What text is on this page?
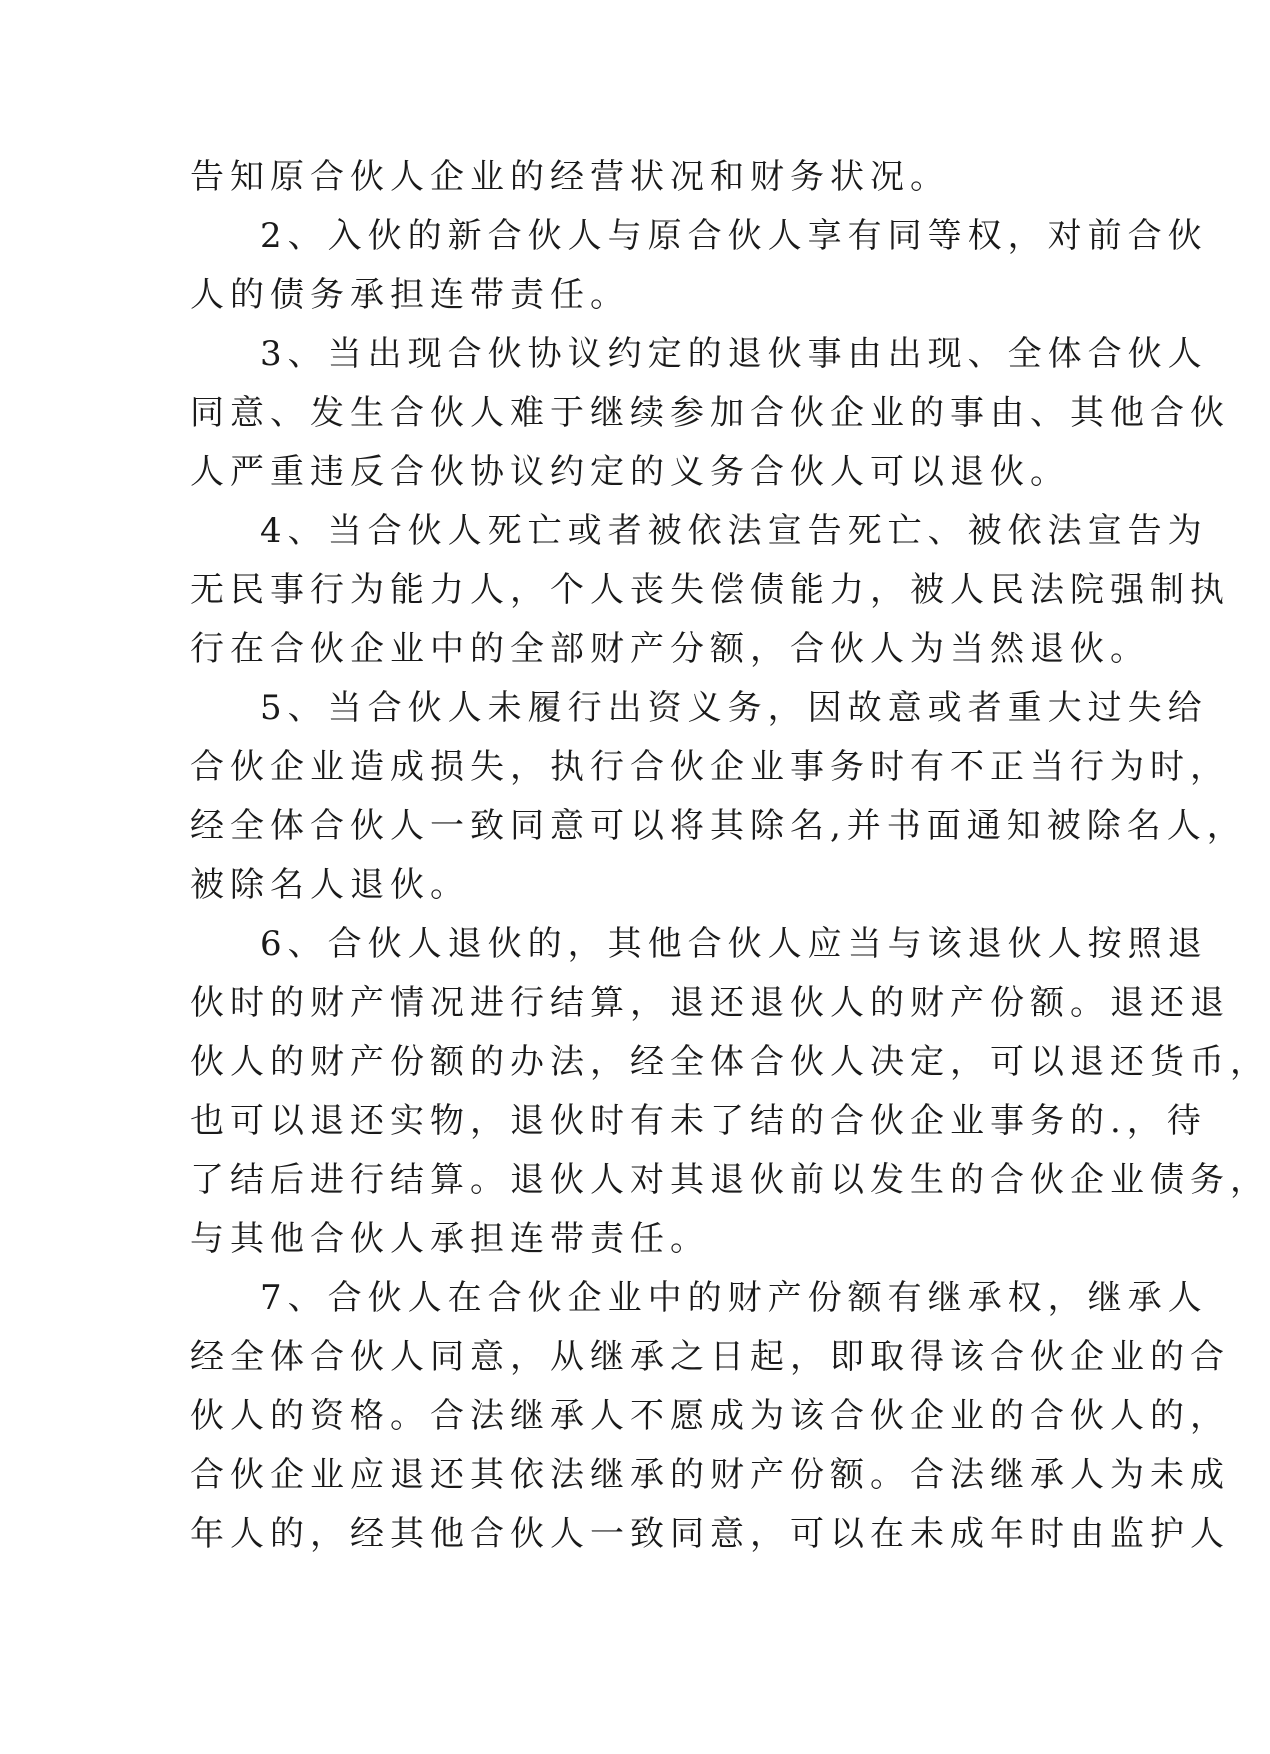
告知原合伙人企业的经营状况和财务状况。
2、入伙的新合伙人与原合伙人享有同等权，对前合伙
人的债务承担连带责任。
3、当出现合伙协议约定的退伙事由出现、全体合伙人
同意、发生合伙人难于继续参加合伙企业的事由、其他合伙
人严重违反合伙协议约定的义务合伙人可以退伙。
4、当合伙人死亡或者被依法宣告死亡、被依法宣告为
无民事行为能力人，个人丧失偿债能力，被人民法院强制执
行在合伙企业中的全部财产分额，合伙人为当然退伙。
5、当合伙人未履行出资义务，因故意或者重大过失给
合伙企业造成损失，执行合伙企业事务时有不正当行为时，
经全体合伙人一致同意可以将其除名,并书面通知被除名人，
被除名人退伙。
6、合伙人退伙的，其他合伙人应当与该退伙人按照退
伙时的财产情况进行结算，退还退伙人的财产份额。退还退
伙人的财产份额的办法，经全体合伙人决定，可以退还货币，
也可以退还实物，退伙时有未了结的合伙企业事务的.，待
了结后进行结算。退伙人对其退伙前以发生的合伙企业债务，
与其他合伙人承担连带责任。
7、合伙人在合伙企业中的财产份额有继承权，继承人
经全体合伙人同意，从继承之日起，即取得该合伙企业的合
伙人的资格。合法继承人不愿成为该合伙企业的合伙人的，
合伙企业应退还其依法继承的财产份额。合法继承人为未成
年人的，经其他合伙人一致同意，可以在未成年时由监护人
